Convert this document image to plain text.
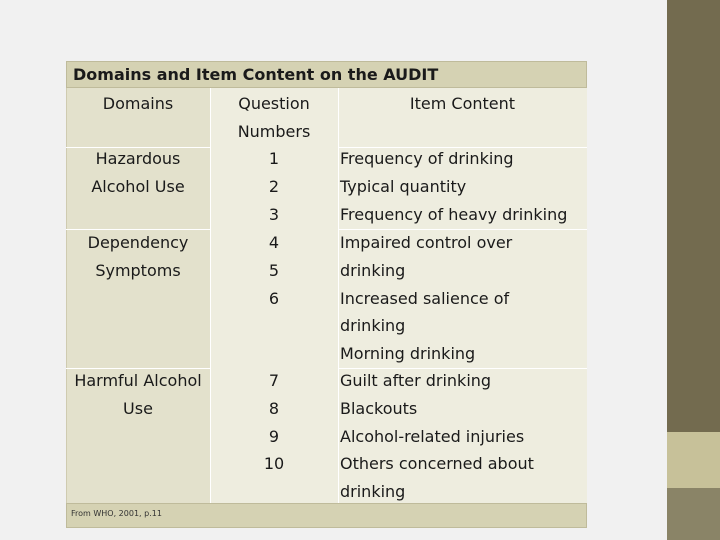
Domains and Item Content on the AUDIT
Domains	Question
Numbers
Item Content
Hazardous
Alcohol Use
1
2
3
Frequency of drinking
Typical quantity
Frequency of heavy drinking
Dependency
Symptoms
4
5
6
Impaired control over
drinking
Increased salience of
drinking
Morning drinking
Harmful Alcohol
Use
7
8
9
10
Guilt after drinking
Blackouts
Alcohol-related injuries
Others concerned about
drinking
From WHO, 2001, p.11
